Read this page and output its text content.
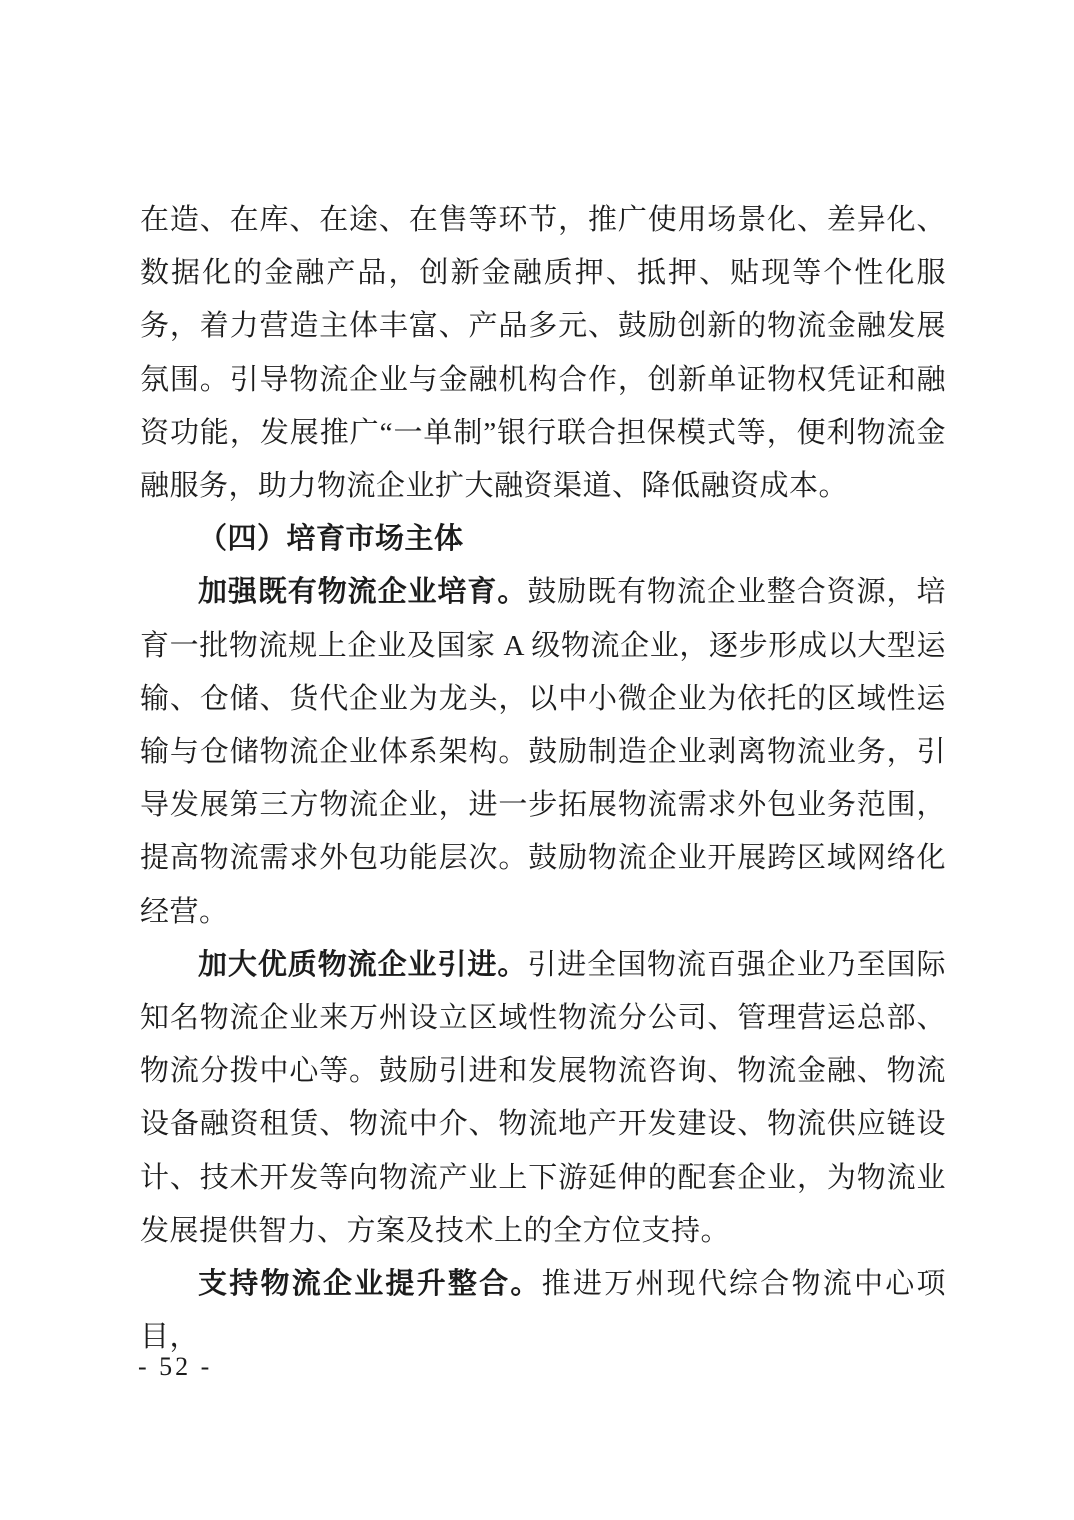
在造、在库、在途、在售等环节，推广使用场景化、差异化、数据化的金融产品，创新金融质押、抵押、贴现等个性化服务，着力营造主体丰富、产品多元、鼓励创新的物流金融发展氛围。引导物流企业与金融机构合作，创新单证物权凭证和融资功能，发展推广“一单制”银行联合担保模式等，便利物流金融服务，助力物流企业扩大融资渠道、降低融资成本。

（四）培育市场主体

加强既有物流企业培育。鼓励既有物流企业整合资源，培育一批物流规上企业及国家 A 级物流企业，逐步形成以大型运输、仓储、货代企业为龙头，以中小微企业为依托的区域性运输与仓储物流企业体系架构。鼓励制造企业剥离物流业务，引导发展第三方物流企业，进一步拓展物流需求外包业务范围，提高物流需求外包功能层次。鼓励物流企业开展跨区域网络化经营。

加大优质物流企业引进。引进全国物流百强企业乃至国际知名物流企业来万州设立区域性物流分公司、管理营运总部、物流分拨中心等。鼓励引进和发展物流咨询、物流金融、物流设备融资租赁、物流中介、物流地产开发建设、物流供应链设计、技术开发等向物流产业上下游延伸的配套企业，为物流业发展提供智力、方案及技术上的全方位支持。

支持物流企业提升整合。推进万州现代综合物流中心项目，

- 52 -
